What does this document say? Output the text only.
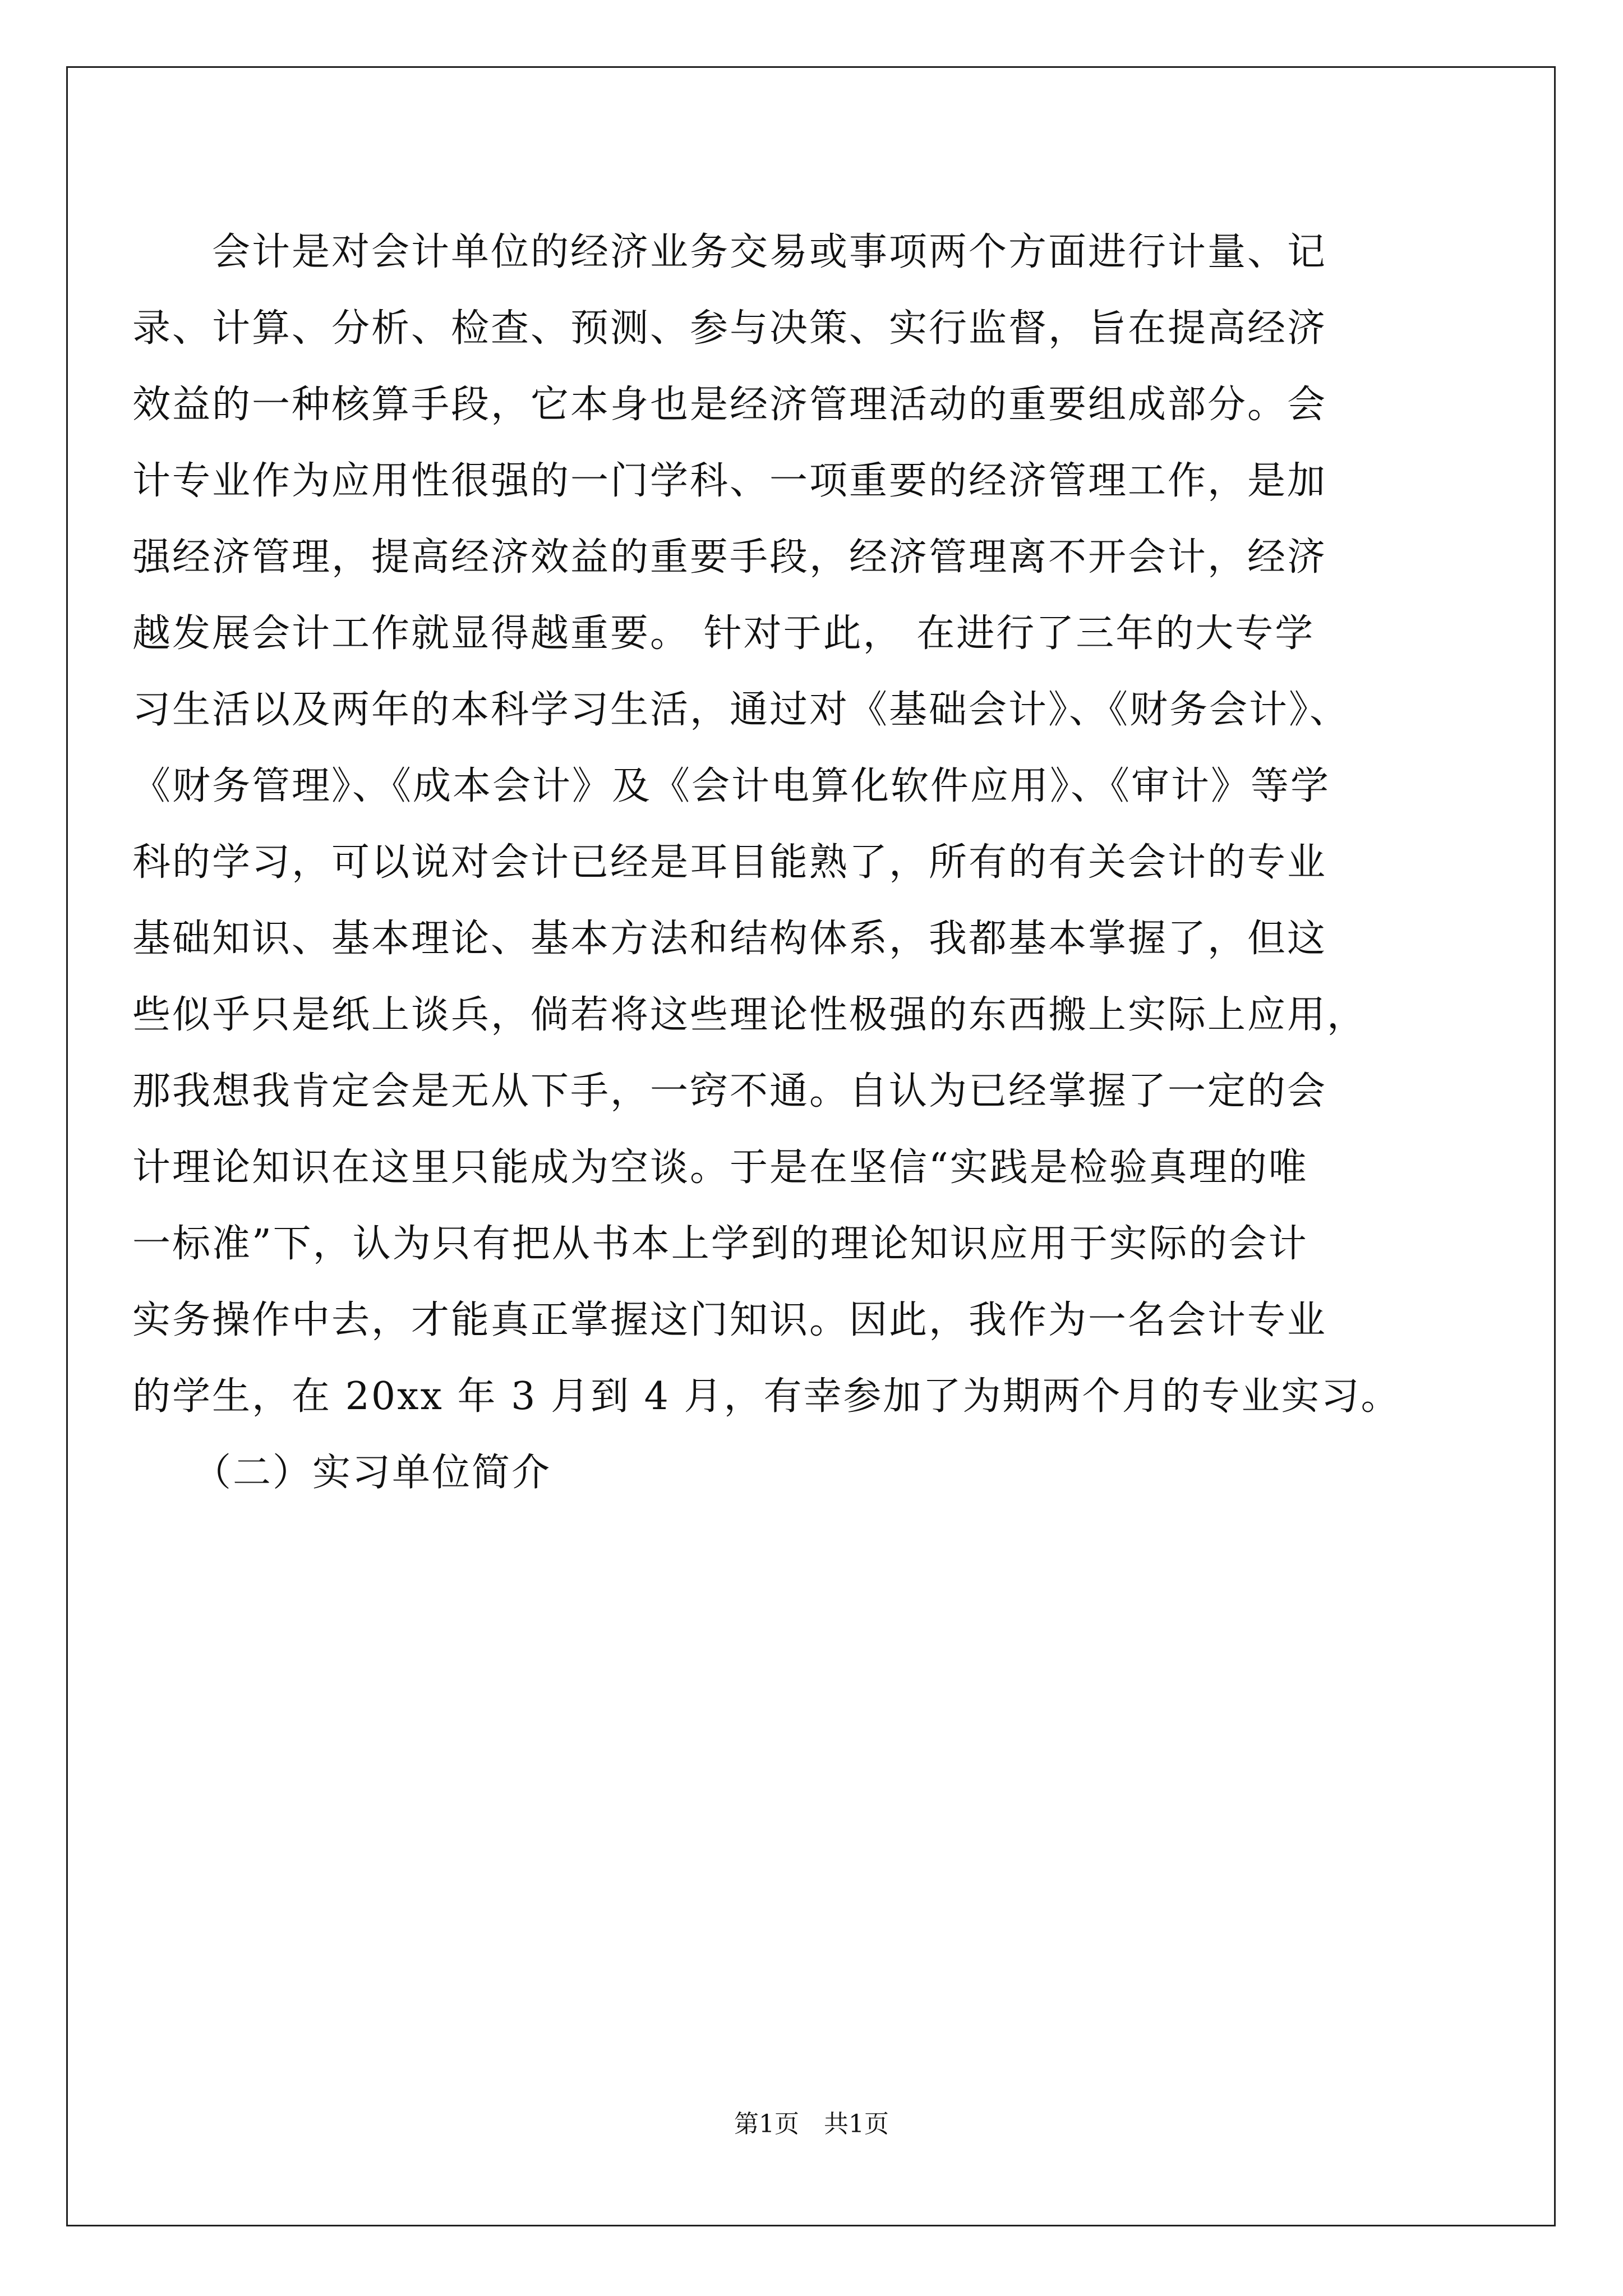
　　会计是对会计单位的经济业务交易或事项两个方面进行计量、记
录、计算、分析、检查、预测、参与决策、实行监督，旨在提高经济
效益的一种核算手段，它本身也是经济管理活动的重要组成部分。会
计专业作为应用性很强的一门学科、一项重要的经济管理工作，是加
强经济管理，提高经济效益的重要手段，经济管理离不开会计，经济
越发展会计工作就显得越重要。 针对于此， 在进行了三年的大专学
习生活以及两年的本科学习生活，通过对《基础会计》、《财务会计》、
《财务管理》、《成本会计》及《会计电算化软件应用》、《审计》等学
科的学习，可以说对会计已经是耳目能熟了，所有的有关会计的专业
基础知识、基本理论、基本方法和结构体系，我都基本掌握了，但这
些似乎只是纸上谈兵，倘若将这些理论性极强的东西搬上实际上应用，
那我想我肯定会是无从下手，一窍不通。自认为已经掌握了一定的会
计理论知识在这里只能成为空谈。于是在坚信“实践是检验真理的唯
一标准”下，认为只有把从书本上学到的理论知识应用于实际的会计
实务操作中去，才能真正掌握这门知识。因此，我作为一名会计专业
的学生，在 20xx 年 3 月到 4 月，有幸参加了为期两个月的专业实习。
　　（二）实习单位简介
第1页　共1页
